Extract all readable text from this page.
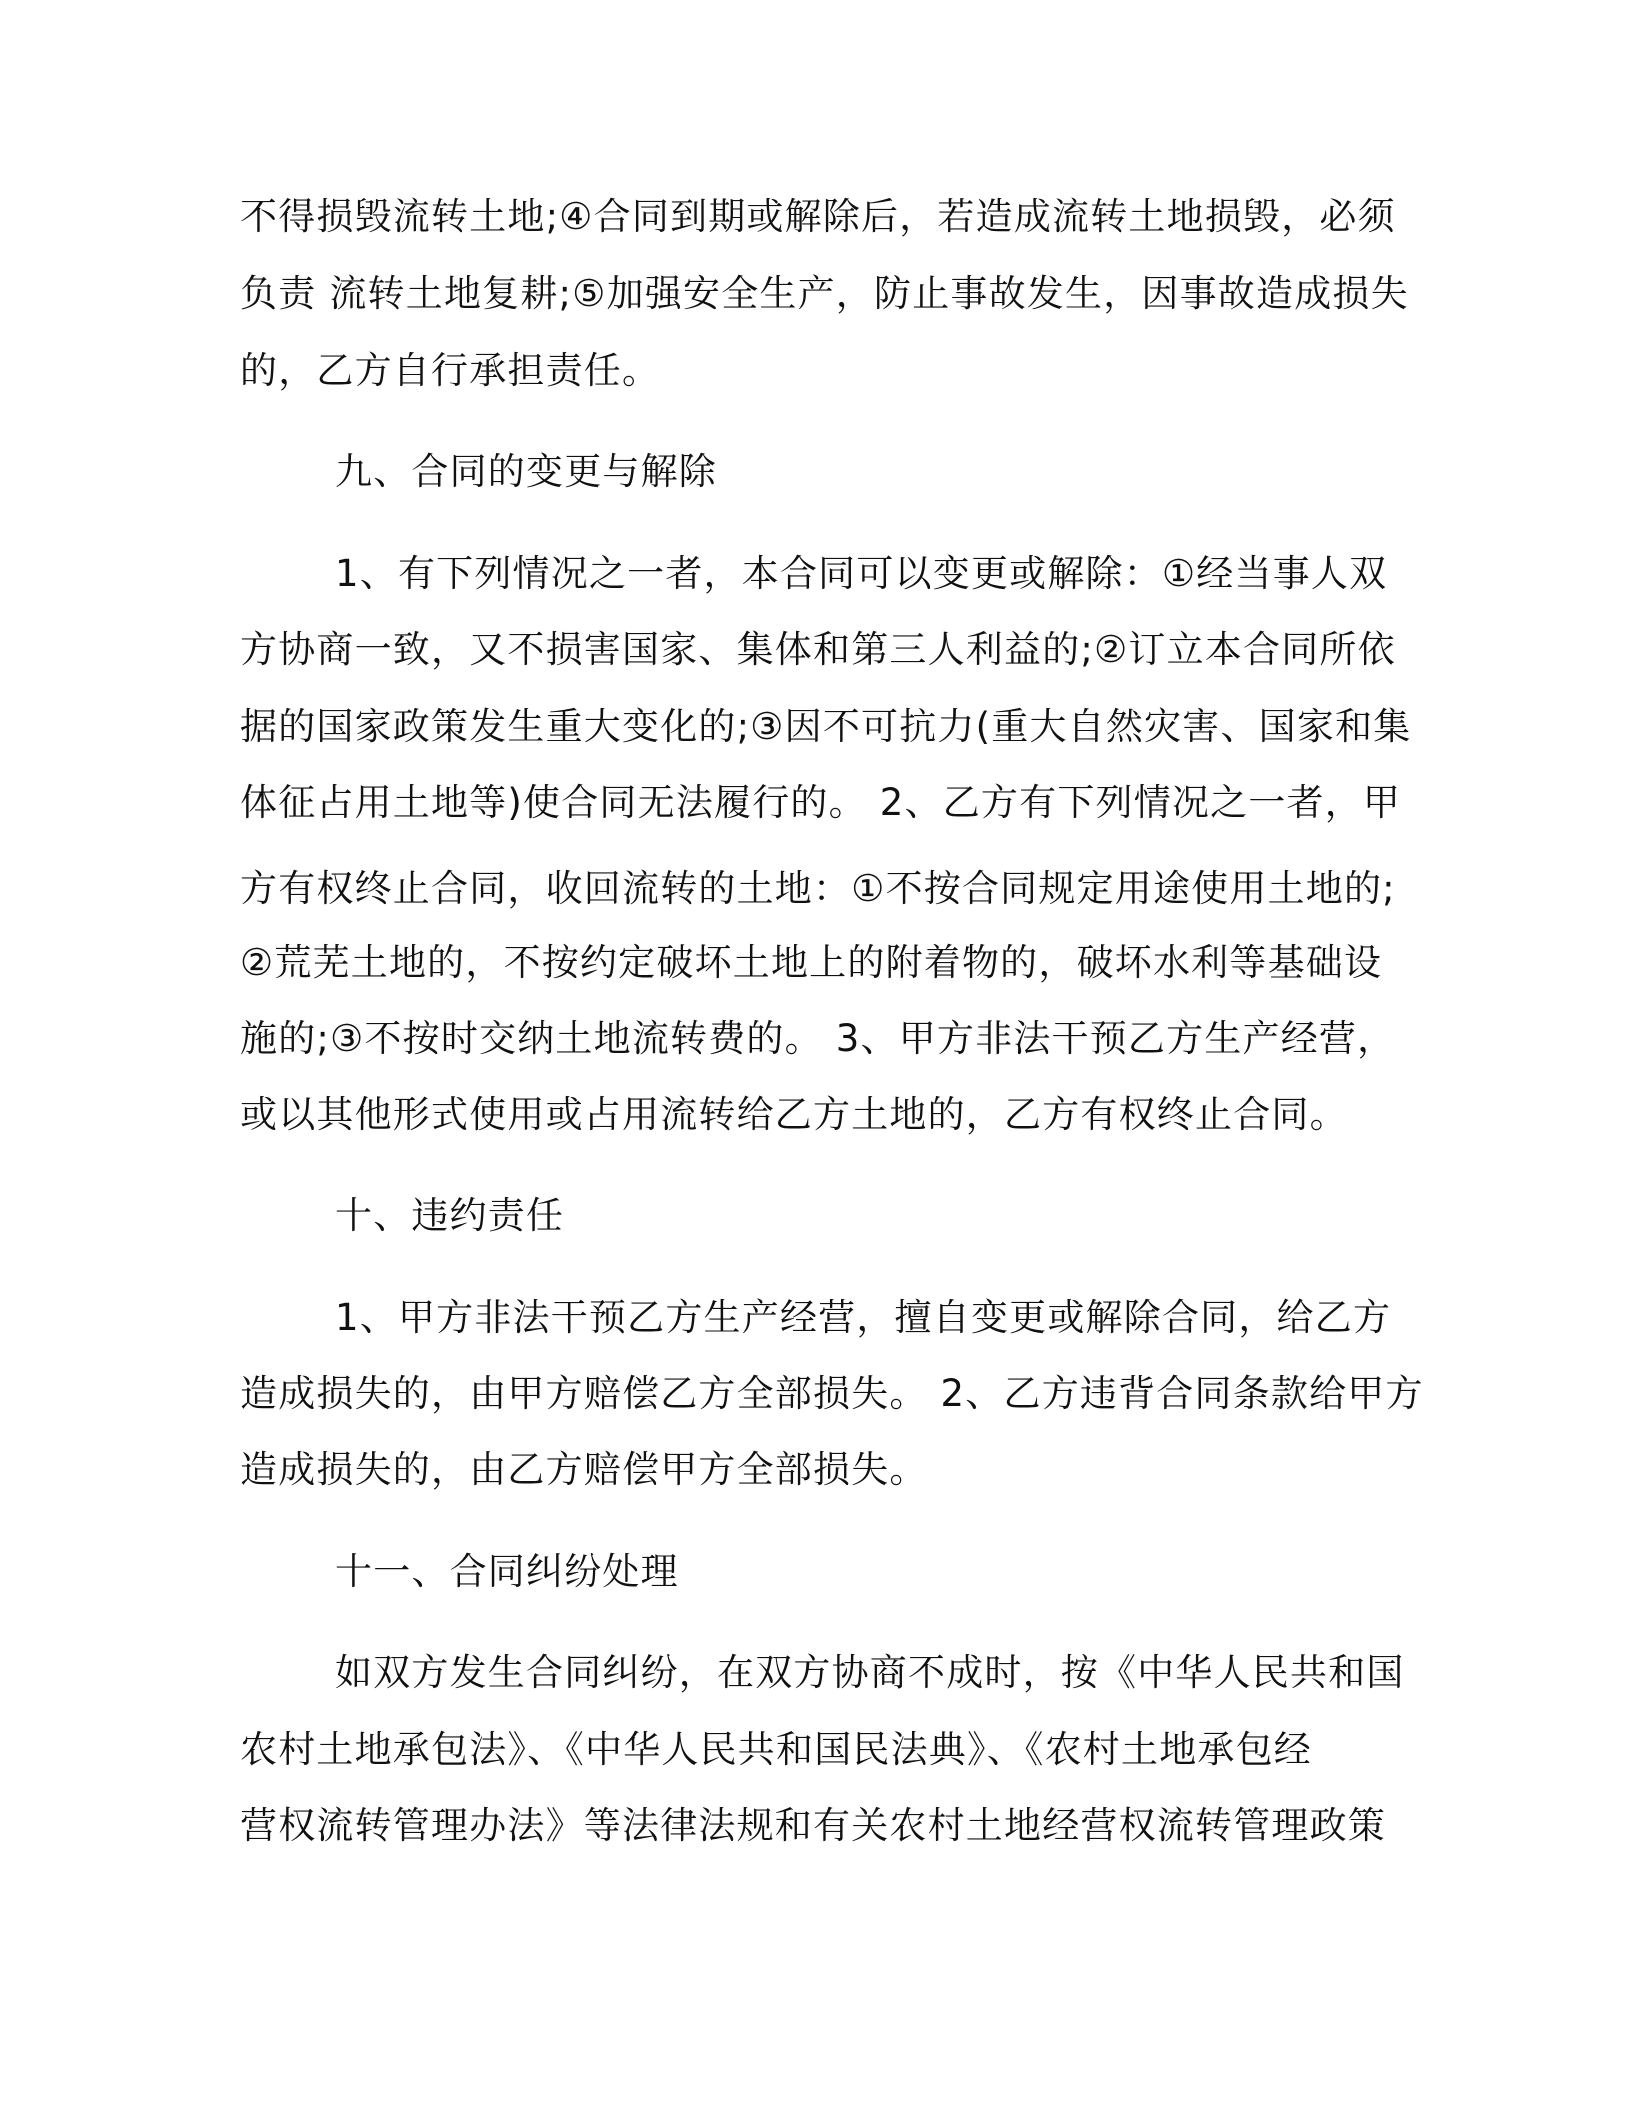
不得损毁流转土地;④合同到期或解除后，若造成流转土地损毁，必须
负责 流转土地复耕;⑤加强安全生产，防止事故发生，因事故造成损失
的，乙方自行承担责任。
九、合同的变更与解除
1、有下列情况之一者，本合同可以变更或解除：①经当事人双
方协商一致，又不损害国家、集体和第三人利益的;②订立本合同所依
据的国家政策发生重大变化的;③因不可抗力(重大自然灾害、国家和集
体征占用土地等)使合同无法履行的。 2、乙方有下列情况之一者，甲
方有权终止合同，收回流转的土地：①不按合同规定用途使用土地的;
②荒芜土地的，不按约定破坏土地上的附着物的，破坏水利等基础设
施的;③不按时交纳土地流转费的。 3、甲方非法干预乙方生产经营，
或以其他形式使用或占用流转给乙方土地的，乙方有权终止合同。
十、违约责任
1、甲方非法干预乙方生产经营，擅自变更或解除合同，给乙方
造成损失的，由甲方赔偿乙方全部损失。 2、乙方违背合同条款给甲方
造成损失的，由乙方赔偿甲方全部损失。
十一、合同纠纷处理
如双方发生合同纠纷，在双方协商不成时，按《中华人民共和国
农村土地承包法》、《中华人民共和国民法典》、《农村土地承包经
营权流转管理办法》等法律法规和有关农村土地经营权流转管理政策
